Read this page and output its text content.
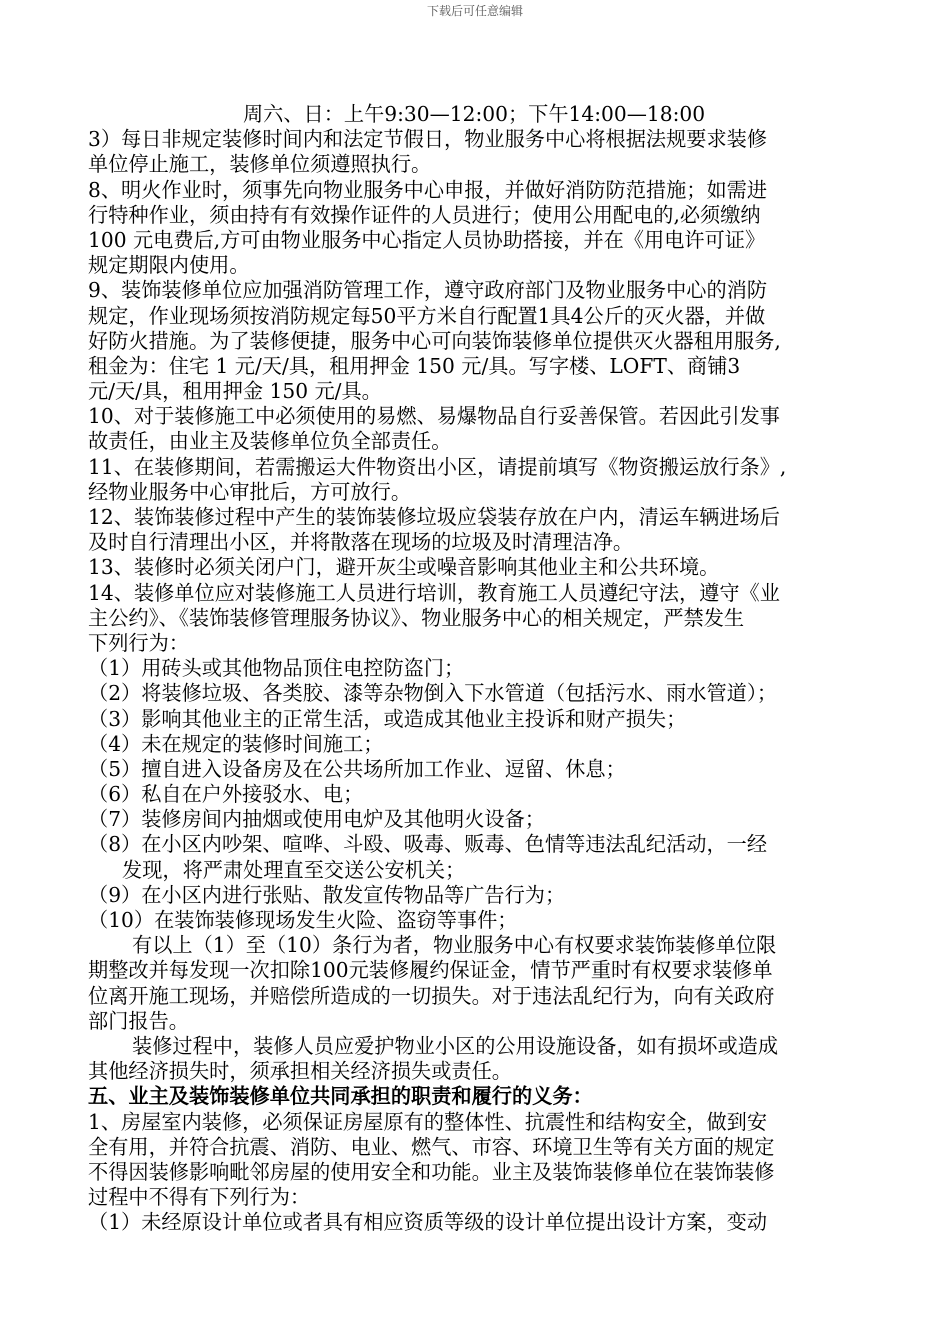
下载后可任意编辑
周六、日：上午9:30—12:00；下午14:00—18:00
3）每日非规定装修时间内和法定节假日，物业服务中心将根据法规要求装修
单位停止施工，装修单位须遵照执行。
8、明火作业时，须事先向物业服务中心申报，并做好消防防范措施；如需进
行特种作业，须由持有有效操作证件的人员进行；使用公用配电的,必须缴纳
100 元电费后,方可由物业服务中心指定人员协助搭接，并在《用电许可证》
规定期限内使用。
9、装饰装修单位应加强消防管理工作，遵守政府部门及物业服务中心的消防
规定，作业现场须按消防规定每50平方米自行配置1具4公斤的灭火器，并做
好防火措施。为了装修便捷，服务中心可向装饰装修单位提供灭火器租用服务,
租金为：住宅 1 元/天/具，租用押金 150 元/具。写字楼、LOFT、商铺3
元/天/具，租用押金 150 元/具。
10、对于装修施工中必须使用的易燃、易爆物品自行妥善保管。若因此引发事
故责任，由业主及装修单位负全部责任。
11、在装修期间，若需搬运大件物资出小区，请提前填写《物资搬运放行条》,
经物业服务中心审批后，方可放行。
12、装饰装修过程中产生的装饰装修垃圾应袋装存放在户内，清运车辆进场后
及时自行清理出小区，并将散落在现场的垃圾及时清理洁净。
13、装修时必须关闭户门，避开灰尘或噪音影响其他业主和公共环境。
14、装修单位应对装修施工人员进行培训，教育施工人员遵纪守法，遵守《业
主公约》、《装饰装修管理服务协议》、物业服务中心的相关规定，严禁发生
下列行为：
（1）用砖头或其他物品顶住电控防盗门；
（2）将装修垃圾、各类胶、漆等杂物倒入下水管道（包括污水、雨水管道）；
（3）影响其他业主的正常生活，或造成其他业主投诉和财产损失；
（4）未在规定的装修时间施工；
（5）擅自进入设备房及在公共场所加工作业、逗留、休息；
（6）私自在户外接驳水、电；
（7）装修房间内抽烟或使用电炉及其他明火设备；
（8）在小区内吵架、喧哗、斗殴、吸毒、贩毒、色情等违法乱纪活动，一经
发现，将严肃处理直至交送公安机关；
（9）在小区内进行张贴、散发宣传物品等广告行为；
（10）在装饰装修现场发生火险、盗窃等事件；
有以上（1）至（10）条行为者，物业服务中心有权要求装饰装修单位限
期整改并每发现一次扣除100元装修履约保证金，情节严重时有权要求装修单
位离开施工现场，并赔偿所造成的一切损失。对于违法乱纪行为，向有关政府
部门报告。
装修过程中，装修人员应爱护物业小区的公用设施设备，如有损坏或造成
其他经济损失时，须承担相关经济损失或责任。
五、业主及装饰装修单位共同承担的职责和履行的义务：
1、房屋室内装修，必须保证房屋原有的整体性、抗震性和结构安全，做到安
全有用，并符合抗震、消防、电业、燃气、市容、环境卫生等有关方面的规定
不得因装修影响毗邻房屋的使用安全和功能。业主及装饰装修单位在装饰装修
过程中不得有下列行为：
（1）未经原设计单位或者具有相应资质等级的设计单位提出设计方案，变动
